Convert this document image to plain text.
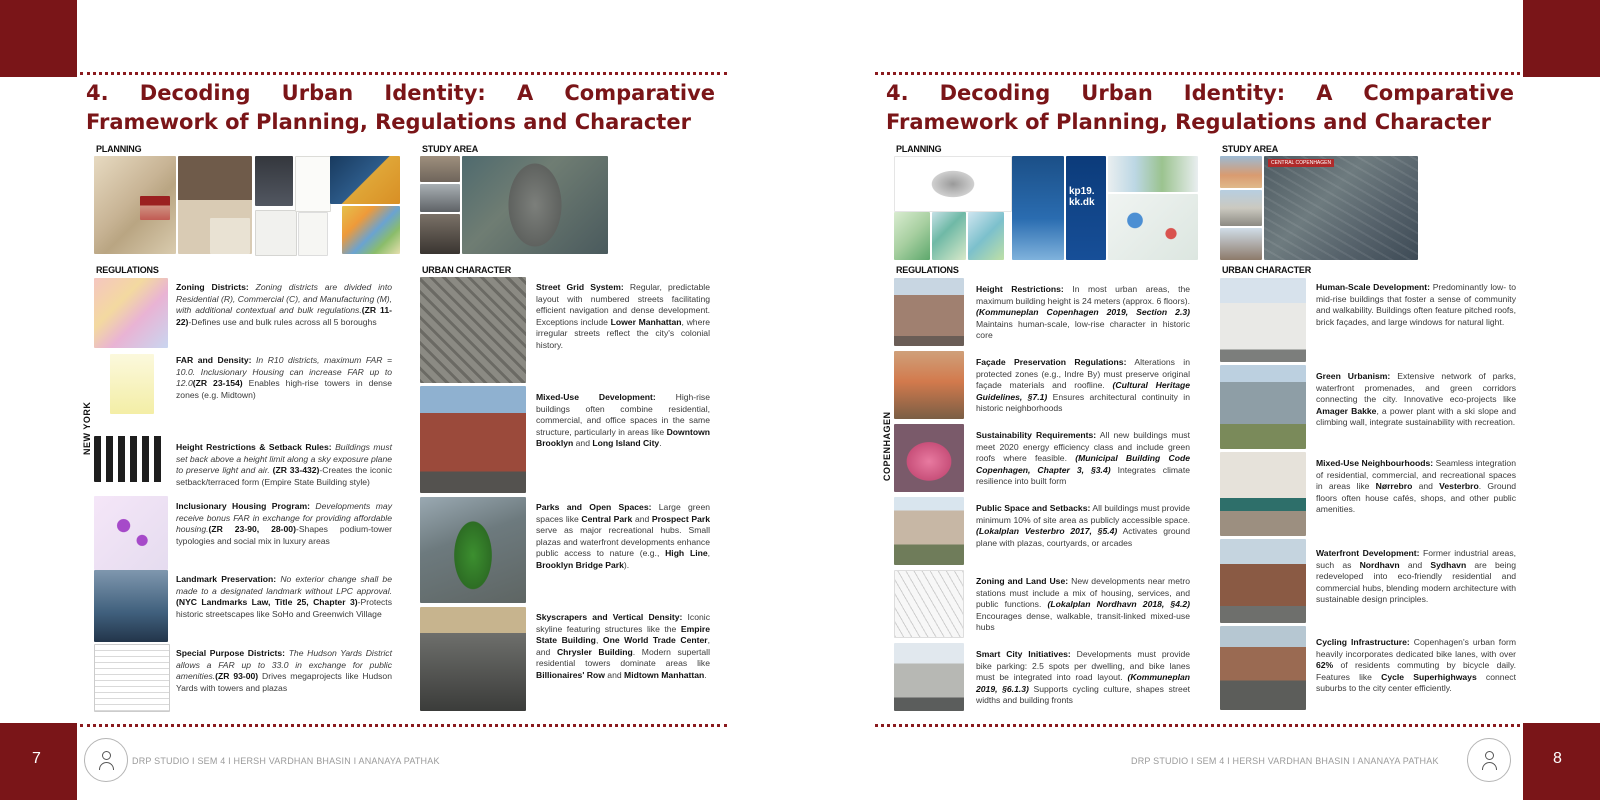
7	8
DRP STUDIO I SEM 4 I HERSH VARDHAN BHASIN I ANANAYA PATHAK	DRP STUDIO I SEM 4 I HERSH VARDHAN BHASIN I ANANAYA PATHAK
4. Decoding Urban Identity: A Comparative Framework of Planning, Regulations and Character
PLANNING	STUDY AREA
REGULATIONS	URBAN CHARACTER
NEW YORK
Zoning Districts: Zoning districts are divided into Residential (R), Commercial (C), and Manufacturing (M), with additional contextual and bulk regulations.(ZR 11-22)-Defines use and bulk rules across all 5 boroughs
FAR and Density: In R10 districts, maximum FAR = 10.0. Inclusionary Housing can increase FAR up to 12.0(ZR 23-154) Enables high-rise towers in dense zones (e.g. Midtown)
Height Restrictions & Setback Rules: Buildings must set back above a height limit along a sky exposure plane to preserve light and air. (ZR 33-432)-Creates the iconic setback/terraced form (Empire State Building style)
Inclusionary Housing Program: Developments may receive bonus FAR in exchange for providing affordable housing.(ZR 23-90, 28-00)-Shapes podium-tower typologies and social mix in luxury areas
Landmark Preservation: No exterior change shall be made to a designated landmark without LPC approval.(NYC Landmarks Law, Title 25, Chapter 3)-Protects historic streetscapes like SoHo and Greenwich Village
Special Purpose Districts: The Hudson Yards District allows a FAR up to 33.0 in exchange for public amenities.(ZR 93-00) Drives megaprojects like Hudson Yards with towers and plazas
Street Grid System: Regular, predictable layout with numbered streets facilitating efficient navigation and dense development. Exceptions include Lower Manhattan, where irregular streets reflect the city's colonial history.
Mixed-Use Development: High-rise buildings often combine residential, commercial, and office spaces in the same structure, particularly in areas like Downtown Brooklyn and Long Island City.
Parks and Open Spaces: Large green spaces like Central Park and Prospect Park serve as major recreational hubs. Small plazas and waterfront developments enhance public access to nature (e.g., High Line, Brooklyn Bridge Park).
Skyscrapers and Vertical Density: Iconic skyline featuring structures like the Empire State Building, One World Trade Center, and Chrysler Building. Modern supertall residential towers dominate areas like Billionaires' Row and Midtown Manhattan.
4. Decoding Urban Identity: A Comparative Framework of Planning, Regulations and Character
PLANNING	STUDY AREA
REGULATIONS	URBAN CHARACTER
COPENHAGEN
kp19. kk.dk
CENTRAL COPENHAGEN
Height Restrictions: In most urban areas, the maximum building height is 24 meters (approx. 6 floors).(Kommuneplan Copenhagen 2019, Section 2.3) Maintains human-scale, low-rise character in historic core
Façade Preservation Regulations: Alterations in protected zones (e.g., Indre By) must preserve original façade materials and roofline. (Cultural Heritage Guidelines, §7.1) Ensures architectural continuity in historic neighborhoods
Sustainability Requirements: All new buildings must meet 2020 energy efficiency class and include green roofs where feasible. (Municipal Building Code Copenhagen, Chapter 3, §3.4) Integrates climate resilience into built form
Public Space and Setbacks: All buildings must provide minimum 10% of site area as publicly accessible space. (Lokalplan Vesterbro 2017, §5.4) Activates ground plane with plazas, courtyards, or arcades
Zoning and Land Use: New developments near metro stations must include a mix of housing, services, and public functions. (Lokalplan Nordhavn 2018, §4.2) Encourages dense, walkable, transit-linked mixed-use hubs
Smart City Initiatives: Developments must provide bike parking: 2.5 spots per dwelling, and bike lanes must be integrated into road layout. (Kommuneplan 2019, §6.1.3) Supports cycling culture, shapes street widths and building fronts
Human-Scale Development: Predominantly low- to mid-rise buildings that foster a sense of community and walkability. Buildings often feature pitched roofs, brick façades, and large windows for natural light.
Green Urbanism: Extensive network of parks, waterfront promenades, and green corridors connecting the city. Innovative eco-projects like Amager Bakke, a power plant with a ski slope and climbing wall, integrate sustainability with recreation.
Mixed-Use Neighbourhoods: Seamless integration of residential, commercial, and recreational spaces in areas like Nørrebro and Vesterbro. Ground floors often house cafés, shops, and other public amenities.
Waterfront Development: Former industrial areas, such as Nordhavn and Sydhavn are being redeveloped into eco-friendly residential and commercial hubs, blending modern architecture with sustainable design principles.
Cycling Infrastructure: Copenhagen's urban form heavily incorporates dedicated bike lanes, with over 62% of residents commuting by bicycle daily. Features like Cycle Superhighways connect suburbs to the city center efficiently.
